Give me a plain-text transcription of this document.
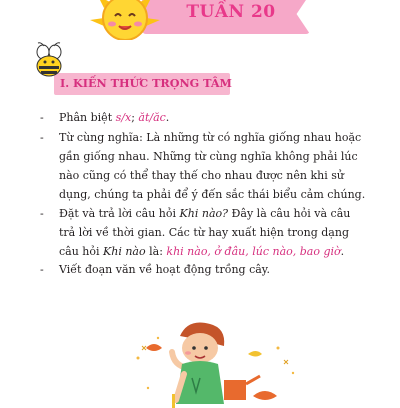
TUẦN 20
I. KIẾN THỨC TRỌNG TÂM
- Phân biệt s/x; ăt/ăc.
- Từ cùng nghĩa: Là những từ có nghĩa giống nhau hoặc gần giống nhau. Những từ cùng nghĩa không phải lúc nào cũng có thể thay thế cho nhau được nên khi sử dụng, chúng ta phải để ý đến sắc thái biểu cảm chúng.
- Đặt và trả lời câu hỏi Khi nào? Đây là câu hỏi và câu trả lời về thời gian. Các từ hay xuất hiện trong dạng câu hỏi Khi nào là: khi nào, ở đâu, lúc nào, bao giờ.
- Viết đoạn văn về hoạt động trồng cây.
